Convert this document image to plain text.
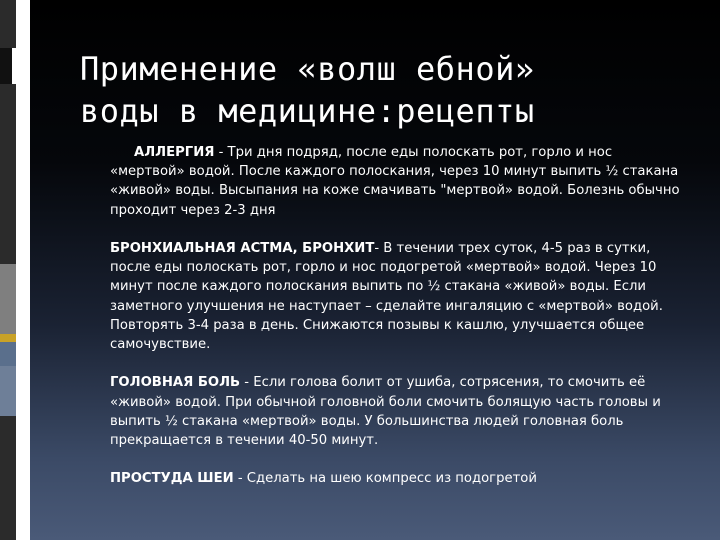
Применение «волш ебной»
воды в медицине:рецепты

АЛЛЕРГИЯ - Три дня подряд, после еды полоскать рот, горло и нос «мертвой» водой. После каждого полоскания, через 10 минут выпить ½ стакана «живой» воды. Высыпания на коже смачивать "мертвой» водой. Болезнь обычно проходит через 2-3 дня

БРОНХИАЛЬНАЯ АСТМА, БРОНХИТ- В течении трех суток, 4-5 раз в сутки, после еды полоскать рот, горло и нос подогретой «мертвой» водой. Через 10 минут после каждого полоскания выпить по ½ стакана «живой» воды. Если заметного улучшения не наступает – сделайте ингаляцию с «мертвой» водой. Повторять 3-4 раза в день. Снижаются позывы к кашлю, улучшается общее самочувствие.

ГОЛОВНАЯ БОЛЬ - Если голова болит от ушиба, сотрясения, то смочить её «живой» водой. При обычной головной боли смочить болящую часть головы и выпить ½ стакана «мертвой» воды. У большинства людей головная боль прекращается в течении 40-50 минут.

ПРОСТУДА ШЕИ - Сделать на шею компресс из подогретой
